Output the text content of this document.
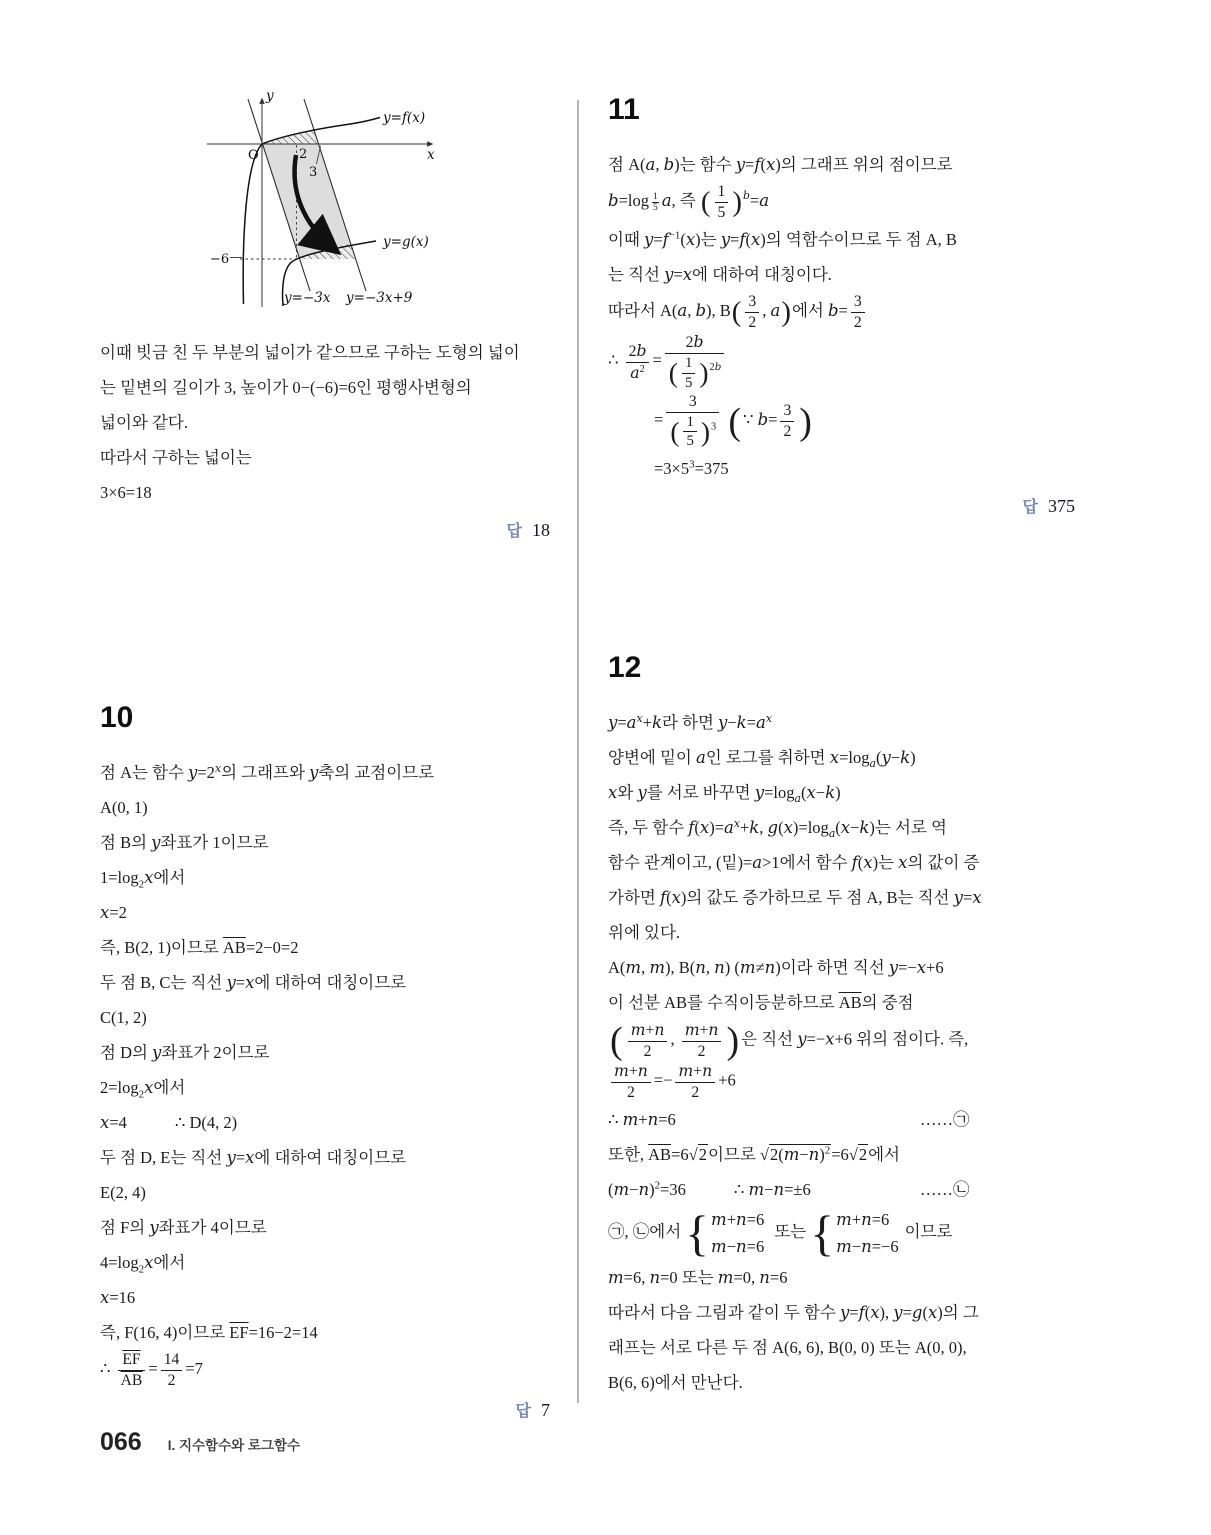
y
x
O
y=f(x)
y=g(x)
y=−3x y=−3x+9
2
3
−6
이때 빗금 친 두 부분의 넓이가 같으므로 구하는 도형의 넓이
는 밑변의 길이가 3, 높이가 0−(−6)=6인 평행사변형의
넓이와 같다.
따라서 구하는 넓이는
3×6=18
답 18
10
점 A는 함수 $y=2^x$의 그래프와 y축의 교점이므로
A(0, 1)
점 B의 y좌표가 1이므로
$1=\log_2x$에서
x=2
즉, B(2, 1)이므로 $\overline{AB}=2-0=2$
두 점 B, C는 직선 y=x에 대하여 대칭이므로
C(1, 2)
점 D의 y좌표가 2이므로
$2=\log_2x$에서
x=4	∴ D(4, 2)
두 점 D, E는 직선 y=x에 대하여 대칭이므로
E(2, 4)
점 F의 y좌표가 4이므로
$4=\log_2x$에서
x=16
즉, F(16, 4)이므로 $\overline{EF}=16-2=14$
∴ $\frac{\overline{EF}}{AB} = \frac{14}{2} =7$
답 7
11
점 A(a, b)는 함수 y=f(x)의 그래프 위의 점이므로
b=log $_{\frac{1}{5}}$ a, 즉 ( $\frac{1}{5} )^b=a$
이때 $y=f^{-1}(x)$는 y=f(x)의 역함수이므로 두 점 A, B
는 직선 y=x에 대하여 대칭이다.
따라서 A(a, b), $B( \frac{3}{2}$ , a)에서 $b= \frac{3}{2}$
∴ $\frac{2b}{a^2} = \frac{2b}{( \frac{1}{5} )^{2b}}$
= $\frac{3}{( \frac{1}{5} )^3}$ ( ∵ $b= \frac{3}{2}$ )
$=3\times 5^3=375$
답 375
12
$y=a^x+k$라 하면 $y-k=a^x$
양변에 밑이 a인 로그를 취하면 $x=\log_a(y-k)$
x와 y를 서로 바꾸면 $y=\log_a(x-k)$
즉, 두 함수 $f(x)=a^x+k$, $g(x)=\log_a(x-k)$는 서로 역
함수 관계이고, (밑)=a>1에서 함수 f(x)는 x의 값이 증
가하면 f(x)의 값도 증가하므로 두 점 A, B는 직선 y=x
위에 있다.
A(m, m), B(n, n) (m≠n)이라 하면 직선 y=−x+6
이 선분 AB를 수직이등분하므로 $\overline{AB}$의 중점
( $\frac{m+n}{2}$ , $\frac{m+n}{2}$ ) 은 직선 y=−x+6 위의 점이다. 즉,
$\frac{m+n}{2} =- \frac{m+n}{2} +6$
∴ m+n=6	……㉠
또한, $\overline{AB}=6√2$이므로 $√2(m-n)^2=6√2$에서
$(m-n)^2=36$	∴ m−n=±6	……㉡
㉠, ㉡에서 { m+n=6
m−n=6
또는 { m+n=6
m−n=−6
이므로
m=6, n=0 또는 m=0, n=6
따라서 다음 그림과 같이 두 함수 y=f(x), y=g(x)의 그
래프는 서로 다른 두 점 A(6, 6), B(0, 0) 또는 A(0, 0),
B(6, 6)에서 만난다.
066 I. 지수함수와 로그함수
